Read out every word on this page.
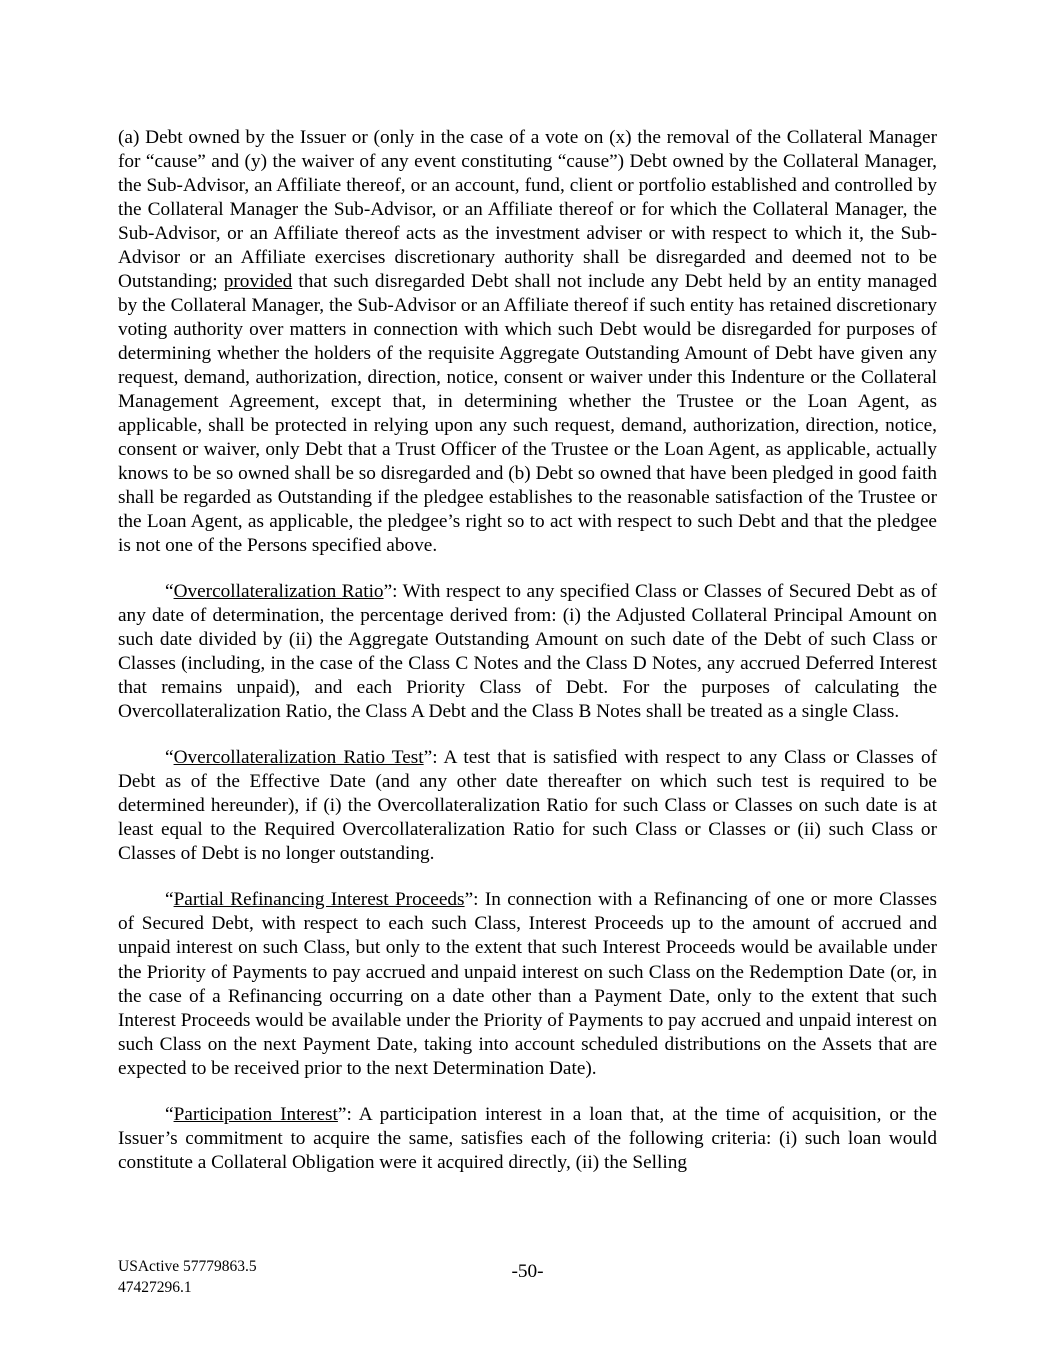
(a) Debt owned by the Issuer or (only in the case of a vote on (x) the removal of the Collateral Manager for “cause” and (y) the waiver of any event constituting “cause”) Debt owned by the Collateral Manager, the Sub-Advisor, an Affiliate thereof, or an account, fund, client or portfolio established and controlled by the Collateral Manager the Sub-Advisor, or an Affiliate thereof or for which the Collateral Manager, the Sub-Advisor, or an Affiliate thereof acts as the investment adviser or with respect to which it, the Sub-Advisor or an Affiliate exercises discretionary authority shall be disregarded and deemed not to be Outstanding; provided that such disregarded Debt shall not include any Debt held by an entity managed by the Collateral Manager, the Sub-Advisor or an Affiliate thereof if such entity has retained discretionary voting authority over matters in connection with which such Debt would be disregarded for purposes of determining whether the holders of the requisite Aggregate Outstanding Amount of Debt have given any request, demand, authorization, direction, notice, consent or waiver under this Indenture or the Collateral Management Agreement, except that, in determining whether the Trustee or the Loan Agent, as applicable, shall be protected in relying upon any such request, demand, authorization, direction, notice, consent or waiver, only Debt that a Trust Officer of the Trustee or the Loan Agent, as applicable, actually knows to be so owned shall be so disregarded and (b) Debt so owned that have been pledged in good faith shall be regarded as Outstanding if the pledgee establishes to the reasonable satisfaction of the Trustee or the Loan Agent, as applicable, the pledgee’s right so to act with respect to such Debt and that the pledgee is not one of the Persons specified above.

“Overcollateralization Ratio”: With respect to any specified Class or Classes of Secured Debt as of any date of determination, the percentage derived from: (i) the Adjusted Collateral Principal Amount on such date divided by (ii) the Aggregate Outstanding Amount on such date of the Debt of such Class or Classes (including, in the case of the Class C Notes and the Class D Notes, any accrued Deferred Interest that remains unpaid), and each Priority Class of Debt. For the purposes of calculating the Overcollateralization Ratio, the Class A Debt and the Class B Notes shall be treated as a single Class.

“Overcollateralization Ratio Test”: A test that is satisfied with respect to any Class or Classes of Debt as of the Effective Date (and any other date thereafter on which such test is required to be determined hereunder), if (i) the Overcollateralization Ratio for such Class or Classes on such date is at least equal to the Required Overcollateralization Ratio for such Class or Classes or (ii) such Class or Classes of Debt is no longer outstanding.

“Partial Refinancing Interest Proceeds”: In connection with a Refinancing of one or more Classes of Secured Debt, with respect to each such Class, Interest Proceeds up to the amount of accrued and unpaid interest on such Class, but only to the extent that such Interest Proceeds would be available under the Priority of Payments to pay accrued and unpaid interest on such Class on the Redemption Date (or, in the case of a Refinancing occurring on a date other than a Payment Date, only to the extent that such Interest Proceeds would be available under the Priority of Payments to pay accrued and unpaid interest on such Class on the next Payment Date, taking into account scheduled distributions on the Assets that are expected to be received prior to the next Determination Date).

“Participation Interest”: A participation interest in a loan that, at the time of acquisition, or the Issuer’s commitment to acquire the same, satisfies each of the following criteria: (i) such loan would constitute a Collateral Obligation were it acquired directly, (ii) the Selling

USActive 57779863.5
47427296.1
-50-
